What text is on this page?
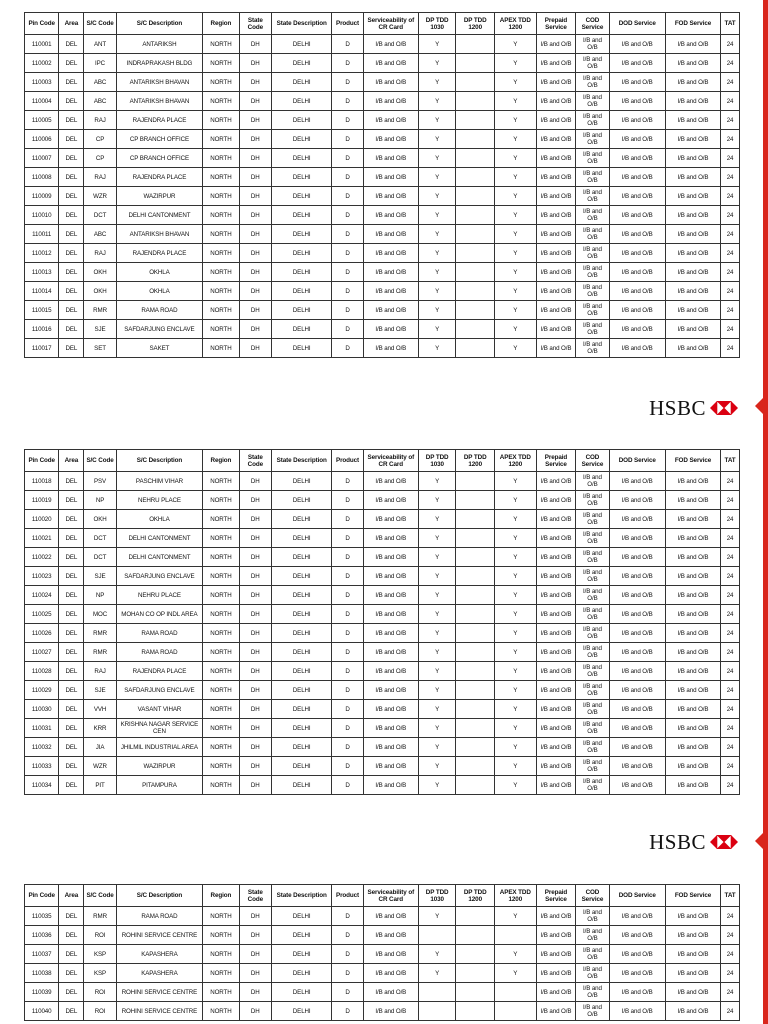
Pin Code	Area	S/C Code	S/C Description	Region	State Code	State Description	Product	Serviceability of CR Card	DP TDD 1030	DP TDD 1200	APEX TDD 1200	Prepaid Service	COD Service	DOD Service	FOD Service	TAT
110001	DEL	ANT	ANTARIKSH	NORTH	DH	DELHI	D	I/B and O/B	Y		Y	I/B and O/B	I/B and O/B	I/B and O/B	I/B and O/B	24
110002	DEL	IPC	INDRAPRAKASH BLDG	NORTH	DH	DELHI	D	I/B and O/B	Y		Y	I/B and O/B	I/B and O/B	I/B and O/B	I/B and O/B	24
110003	DEL	ABC	ANTARIKSH BHAVAN	NORTH	DH	DELHI	D	I/B and O/B	Y		Y	I/B and O/B	I/B and O/B	I/B and O/B	I/B and O/B	24
110004	DEL	ABC	ANTARIKSH BHAVAN	NORTH	DH	DELHI	D	I/B and O/B	Y		Y	I/B and O/B	I/B and O/B	I/B and O/B	I/B and O/B	24
110005	DEL	RAJ	RAJENDRA PLACE	NORTH	DH	DELHI	D	I/B and O/B	Y		Y	I/B and O/B	I/B and O/B	I/B and O/B	I/B and O/B	24
110006	DEL	CP	CP BRANCH OFFICE	NORTH	DH	DELHI	D	I/B and O/B	Y		Y	I/B and O/B	I/B and O/B	I/B and O/B	I/B and O/B	24
110007	DEL	CP	CP BRANCH OFFICE	NORTH	DH	DELHI	D	I/B and O/B	Y		Y	I/B and O/B	I/B and O/B	I/B and O/B	I/B and O/B	24
110008	DEL	RAJ	RAJENDRA PLACE	NORTH	DH	DELHI	D	I/B and O/B	Y		Y	I/B and O/B	I/B and O/B	I/B and O/B	I/B and O/B	24
110009	DEL	WZR	WAZIRPUR	NORTH	DH	DELHI	D	I/B and O/B	Y		Y	I/B and O/B	I/B and O/B	I/B and O/B	I/B and O/B	24
110010	DEL	DCT	DELHI CANTONMENT	NORTH	DH	DELHI	D	I/B and O/B	Y		Y	I/B and O/B	I/B and O/B	I/B and O/B	I/B and O/B	24
110011	DEL	ABC	ANTARIKSH BHAVAN	NORTH	DH	DELHI	D	I/B and O/B	Y		Y	I/B and O/B	I/B and O/B	I/B and O/B	I/B and O/B	24
110012	DEL	RAJ	RAJENDRA PLACE	NORTH	DH	DELHI	D	I/B and O/B	Y		Y	I/B and O/B	I/B and O/B	I/B and O/B	I/B and O/B	24
110013	DEL	OKH	OKHLA	NORTH	DH	DELHI	D	I/B and O/B	Y		Y	I/B and O/B	I/B and O/B	I/B and O/B	I/B and O/B	24
110014	DEL	OKH	OKHLA	NORTH	DH	DELHI	D	I/B and O/B	Y		Y	I/B and O/B	I/B and O/B	I/B and O/B	I/B and O/B	24
110015	DEL	RMR	RAMA ROAD	NORTH	DH	DELHI	D	I/B and O/B	Y		Y	I/B and O/B	I/B and O/B	I/B and O/B	I/B and O/B	24
110016	DEL	SJE	SAFDARJUNG ENCLAVE	NORTH	DH	DELHI	D	I/B and O/B	Y		Y	I/B and O/B	I/B and O/B	I/B and O/B	I/B and O/B	24
110017	DEL	SET	SAKET	NORTH	DH	DELHI	D	I/B and O/B	Y		Y	I/B and O/B	I/B and O/B	I/B and O/B	I/B and O/B	24
HSBC
Pin Code	Area	S/C Code	S/C Description	Region	State Code	State Description	Product	Serviceability of CR Card	DP TDD 1030	DP TDD 1200	APEX TDD 1200	Prepaid Service	COD Service	DOD Service	FOD Service	TAT
110018	DEL	PSV	PASCHIM VIHAR	NORTH	DH	DELHI	D	I/B and O/B	Y		Y	I/B and O/B	I/B and O/B	I/B and O/B	I/B and O/B	24
110019	DEL	NP	NEHRU PLACE	NORTH	DH	DELHI	D	I/B and O/B	Y		Y	I/B and O/B	I/B and O/B	I/B and O/B	I/B and O/B	24
110020	DEL	OKH	OKHLA	NORTH	DH	DELHI	D	I/B and O/B	Y		Y	I/B and O/B	I/B and O/B	I/B and O/B	I/B and O/B	24
110021	DEL	DCT	DELHI CANTONMENT	NORTH	DH	DELHI	D	I/B and O/B	Y		Y	I/B and O/B	I/B and O/B	I/B and O/B	I/B and O/B	24
110022	DEL	DCT	DELHI CANTONMENT	NORTH	DH	DELHI	D	I/B and O/B	Y		Y	I/B and O/B	I/B and O/B	I/B and O/B	I/B and O/B	24
110023	DEL	SJE	SAFDARJUNG ENCLAVE	NORTH	DH	DELHI	D	I/B and O/B	Y		Y	I/B and O/B	I/B and O/B	I/B and O/B	I/B and O/B	24
110024	DEL	NP	NEHRU PLACE	NORTH	DH	DELHI	D	I/B and O/B	Y		Y	I/B and O/B	I/B and O/B	I/B and O/B	I/B and O/B	24
110025	DEL	MOC	MOHAN CO OP INDL AREA	NORTH	DH	DELHI	D	I/B and O/B	Y		Y	I/B and O/B	I/B and O/B	I/B and O/B	I/B and O/B	24
110026	DEL	RMR	RAMA ROAD	NORTH	DH	DELHI	D	I/B and O/B	Y		Y	I/B and O/B	I/B and O/B	I/B and O/B	I/B and O/B	24
110027	DEL	RMR	RAMA ROAD	NORTH	DH	DELHI	D	I/B and O/B	Y		Y	I/B and O/B	I/B and O/B	I/B and O/B	I/B and O/B	24
110028	DEL	RAJ	RAJENDRA PLACE	NORTH	DH	DELHI	D	I/B and O/B	Y		Y	I/B and O/B	I/B and O/B	I/B and O/B	I/B and O/B	24
110029	DEL	SJE	SAFDARJUNG ENCLAVE	NORTH	DH	DELHI	D	I/B and O/B	Y		Y	I/B and O/B	I/B and O/B	I/B and O/B	I/B and O/B	24
110030	DEL	VVH	VASANT VIHAR	NORTH	DH	DELHI	D	I/B and O/B	Y		Y	I/B and O/B	I/B and O/B	I/B and O/B	I/B and O/B	24
110031	DEL	KRR	KRISHNA NAGAR SERVICE CEN	NORTH	DH	DELHI	D	I/B and O/B	Y		Y	I/B and O/B	I/B and O/B	I/B and O/B	I/B and O/B	24
110032	DEL	JIA	JHILMIL INDUSTRIAL AREA	NORTH	DH	DELHI	D	I/B and O/B	Y		Y	I/B and O/B	I/B and O/B	I/B and O/B	I/B and O/B	24
110033	DEL	WZR	WAZIRPUR	NORTH	DH	DELHI	D	I/B and O/B	Y		Y	I/B and O/B	I/B and O/B	I/B and O/B	I/B and O/B	24
110034	DEL	PIT	PITAMPURA	NORTH	DH	DELHI	D	I/B and O/B	Y		Y	I/B and O/B	I/B and O/B	I/B and O/B	I/B and O/B	24
HSBC
Pin Code	Area	S/C Code	S/C Description	Region	State Code	State Description	Product	Serviceability of CR Card	DP TDD 1030	DP TDD 1200	APEX TDD 1200	Prepaid Service	COD Service	DOD Service	FOD Service	TAT
110035	DEL	RMR	RAMA ROAD	NORTH	DH	DELHI	D	I/B and O/B	Y		Y	I/B and O/B	I/B and O/B	I/B and O/B	I/B and O/B	24
110036	DEL	ROI	ROHINI SERVICE CENTRE	NORTH	DH	DELHI	D	I/B and O/B				I/B and O/B	I/B and O/B	I/B and O/B	I/B and O/B	24
110037	DEL	KSP	KAPASHERA	NORTH	DH	DELHI	D	I/B and O/B	Y		Y	I/B and O/B	I/B and O/B	I/B and O/B	I/B and O/B	24
110038	DEL	KSP	KAPASHERA	NORTH	DH	DELHI	D	I/B and O/B	Y		Y	I/B and O/B	I/B and O/B	I/B and O/B	I/B and O/B	24
110039	DEL	ROI	ROHINI SERVICE CENTRE	NORTH	DH	DELHI	D	I/B and O/B				I/B and O/B	I/B and O/B	I/B and O/B	I/B and O/B	24
110040	DEL	ROI	ROHINI SERVICE CENTRE	NORTH	DH	DELHI	D	I/B and O/B				I/B and O/B	I/B and O/B	I/B and O/B	I/B and O/B	24
